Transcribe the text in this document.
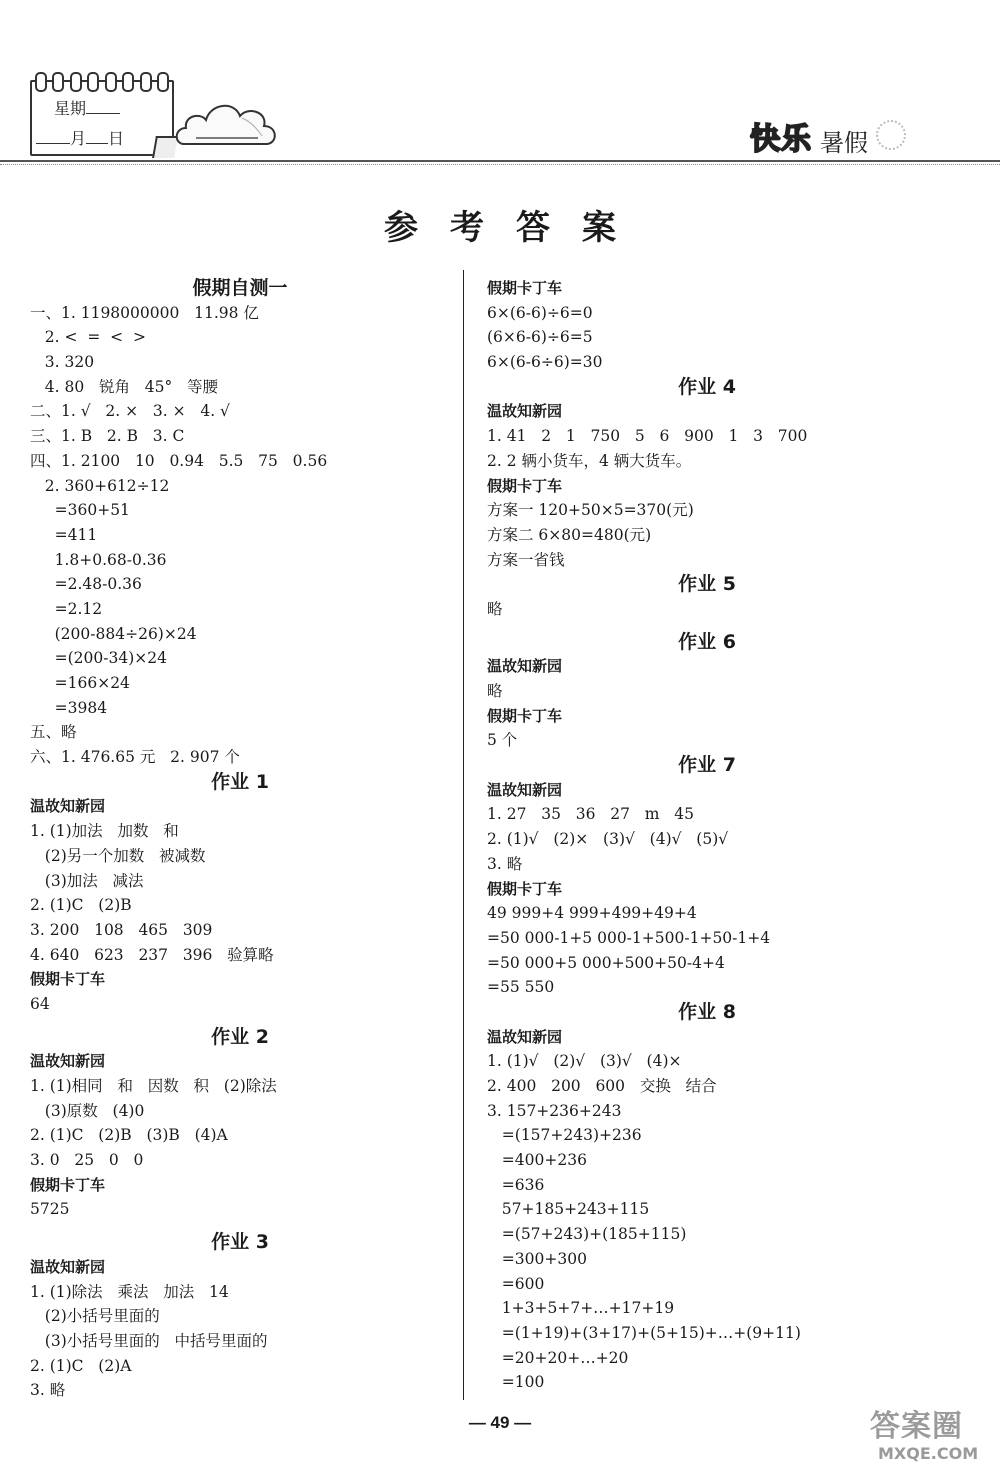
星期
月 日	快乐 暑假
参考答案
假期自测一
一、1. 1198000000   11.98 亿
2. <  =  <  >
3. 320
4. 80   锐角   45°   等腰
二、1. √   2. ×   3. ×   4. √
三、1. B   2. B   3. C
四、1. 2100   10   0.94   5.5   75   0.56
2. 360+612÷12
=360+51
=411
1.8+0.68-0.36
=2.48-0.36
=2.12
(200-884÷26)×24
=(200-34)×24
=166×24
=3984
五、略
六、1. 476.65 元   2. 907 个
作业 1
温故知新园
1. (1)加法   加数   和
(2)另一个加数   被减数
(3)加法   减法
2. (1)C   (2)B
3. 200   108   465   309
4. 640   623   237   396   验算略
假期卡丁车
64
作业 2
温故知新园
1. (1)相同   和   因数   积   (2)除法
(3)原数   (4)0
2. (1)C   (2)B   (3)B   (4)A
3. 0   25   0   0
假期卡丁车
5725
作业 3
温故知新园
1. (1)除法   乘法   加法   14
(2)小括号里面的
(3)小括号里面的   中括号里面的
2. (1)C   (2)A
3. 略
假期卡丁车
6×(6-6)÷6=0
(6×6-6)÷6=5
6×(6-6÷6)=30
作业 4
温故知新园
1. 41   2   1   750   5   6   900   1   3   700
2. 2 辆小货车，4 辆大货车。
假期卡丁车
方案一 120+50×5=370(元)
方案二 6×80=480(元)
方案一省钱
作业 5
略
作业 6
温故知新园
略
假期卡丁车
5 个
作业 7
温故知新园
1. 27   35   36   27   m   45
2. (1)√   (2)×   (3)√   (4)√   (5)√
3. 略
假期卡丁车
49 999+4 999+499+49+4
=50 000-1+5 000-1+500-1+50-1+4
=50 000+5 000+500+50-4+4
=55 550
作业 8
温故知新园
1. (1)√   (2)√   (3)√   (4)×
2. 400   200   600   交换   结合
3. 157+236+243
=(157+243)+236
=400+236
=636
57+185+243+115
=(57+243)+(185+115)
=300+300
=600
1+3+5+7+…+17+19
=(1+19)+(3+17)+(5+15)+…+(9+11)
=20+20+…+20
=100
— 49 —	答案圈
MXQE.COM
